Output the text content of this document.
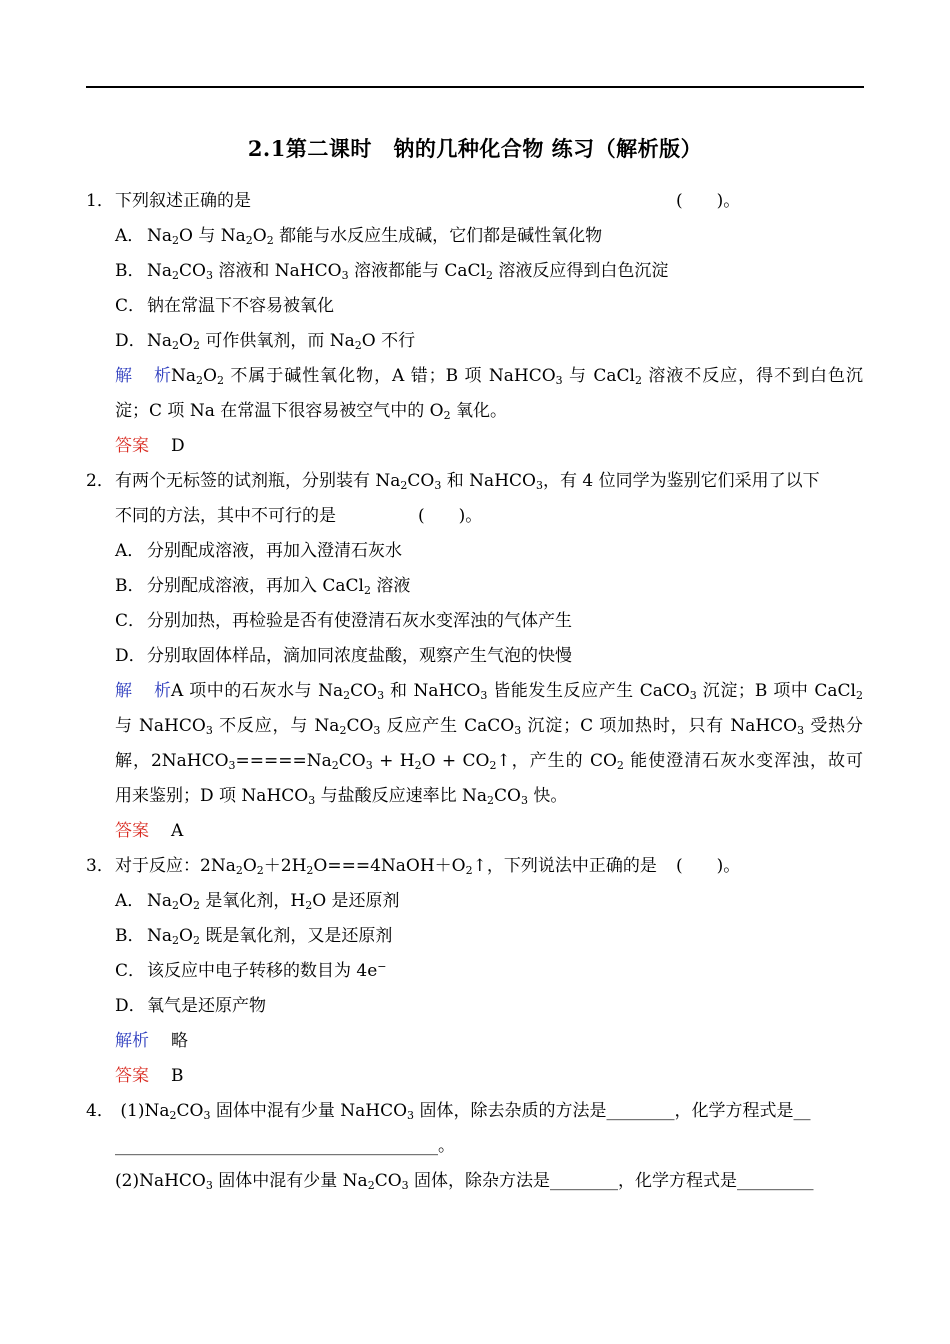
2.1第二课时　钠的几种化合物 练习（解析版）
1．下列叙述正确的是	(　　)。
A． $Na_2O$ 与 $Na_2O_2$ 都能与水反应生成碱，它们都是碱性氧化物
B． $Na_2CO_3$ 溶液和 NaHCO$_3$ 溶液都能与 CaCl$_2$ 溶液反应得到白色沉淀
C． 钠在常温下不容易被氧化
D．$Na_2O_2$ 可作供氧剂，而 $Na_2O$ 不行
解析$Na_2O_2$ 不属于碱性氧化物，A 错；B 项 NaHCO$_3$ 与 CaCl$_2$ 溶液不反应，得不到白色沉
淀；C 项 Na 在常温下很容易被空气中的 $O_2$ 氧化。
答案 D
2．有两个无标签的试剂瓶，分别装有 $Na_2CO_3$ 和 NaHCO$_3$，有 4 位同学为鉴别它们采用了以下
不同的方法，其中不可行的是	(　　)。
A． 分别配成溶液，再加入澄清石灰水
B． 分别配成溶液，再加入 CaCl$_2$ 溶液
C． 分别加热，再检验是否有使澄清石灰水变浑浊的气体产生
D．分别取固体样品，滴加同浓度盐酸，观察产生气泡的快慢
解析A 项中的石灰水与 $Na_2CO_3$ 和 NaHCO$_3$ 皆能发生反应产生 CaCO$_3$ 沉淀；B 项中 CaCl$_2$
与 NaHCO$_3$ 不反应，与 $Na_2CO_3$ 反应产生 CaCO$_3$ 沉淀；C 项加热时，只有 NaHCO$_3$ 受热分
解，$2NaHCO_3=====Na_2CO_3 + H_2O$ + $CO_2↑$，产生的 $CO_2$ 能使澄清石灰水变浑浊，故可
用来鉴别；D 项 NaHCO$_3$ 与盐酸反应速率比 $Na_2CO_3$ 快。
答案 A
3．对于反应：$2Na_2O_2+2H_2O===4NaOH+O_2↑$，下列说法中正确的是 (　　)。
A． $Na_2O_2$ 是氧化剂，$H_2O$ 是还原剂
B． $Na_2O_2$ 既是氧化剂，又是还原剂
C． 该反应中电子转移的数目为 4e−
D．氧气是还原产物
解析 略
答案 B
4． $(1)Na_2CO_3$ 固体中混有少量 NaHCO$_3$ 固体，除去杂质的方法是________，化学方程式是__
______________________________________。
(2)NaHCO$_3$ 固体中混有少量 $Na_2CO_3$ 固体，除杂方法是________，化学方程式是_________
